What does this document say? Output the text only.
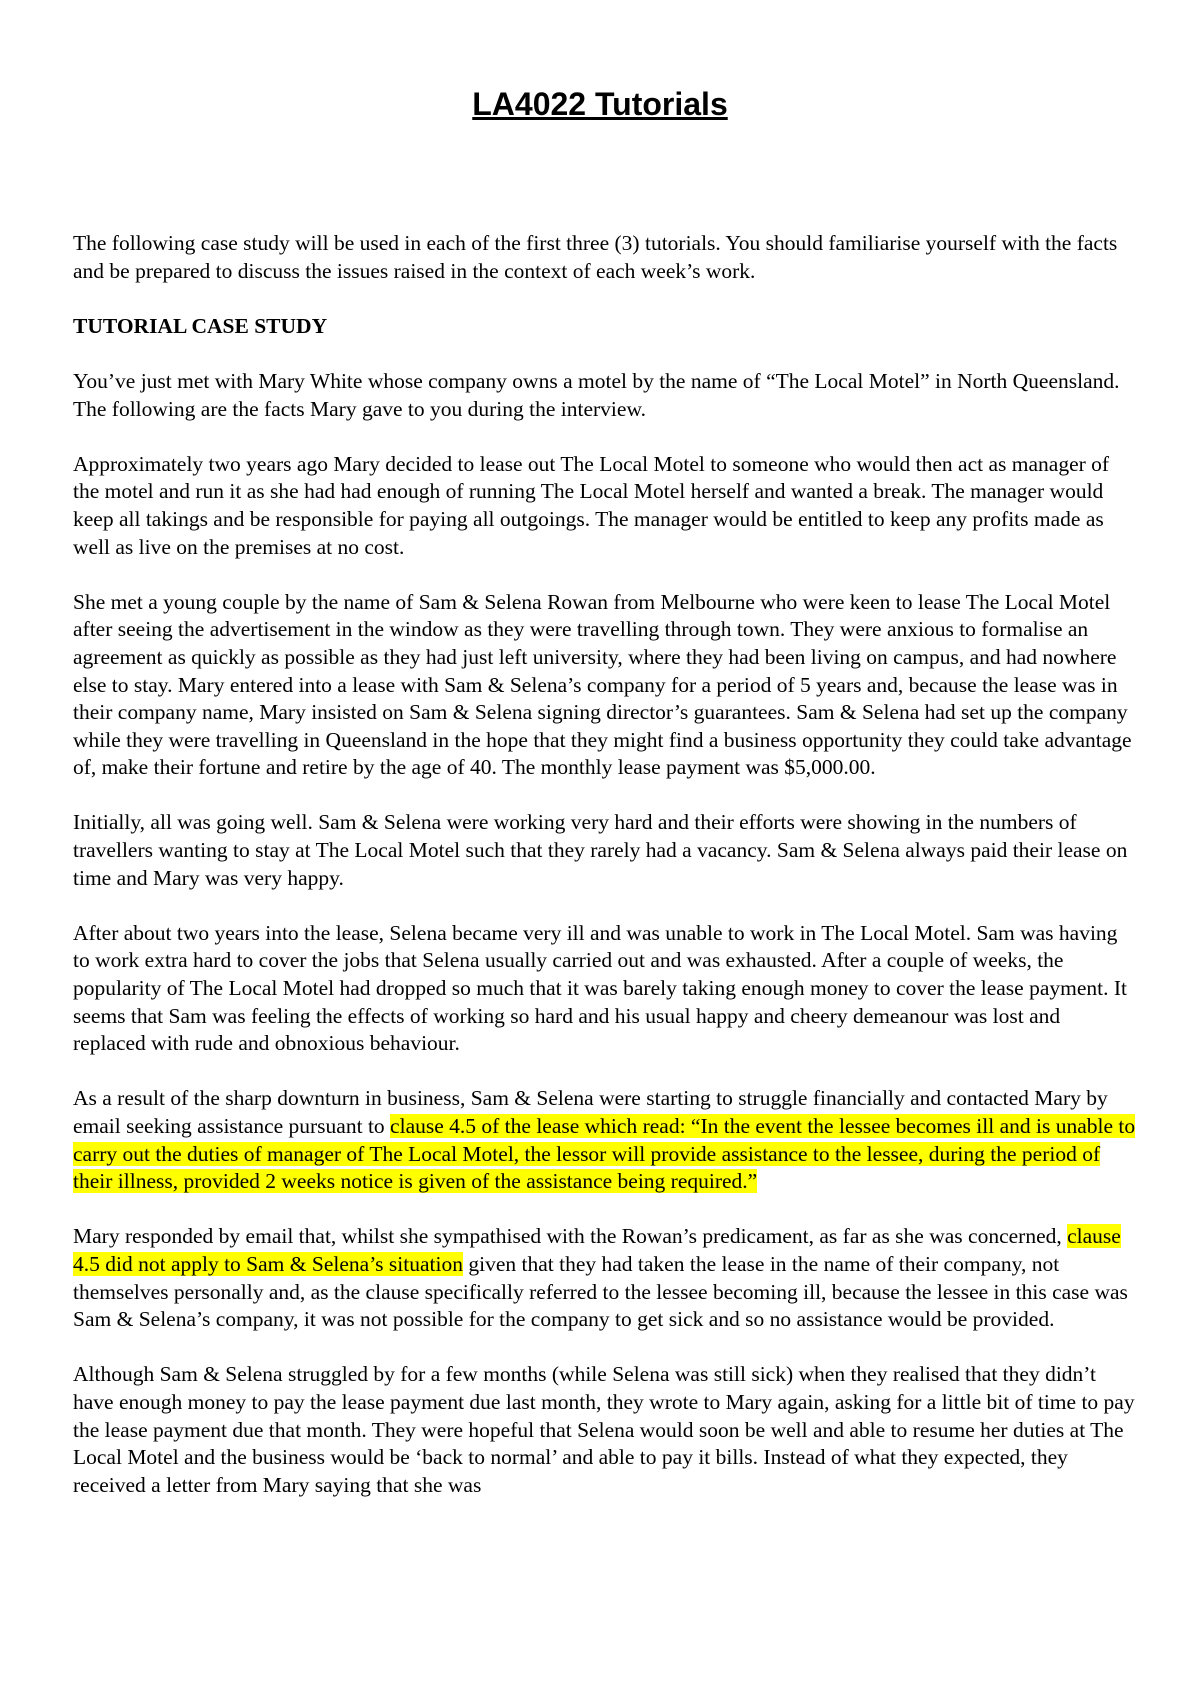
LA4022 Tutorials

The following case study will be used in each of the first three (3) tutorials. You should familiarise yourself with the facts and be prepared to discuss the issues raised in the context of each week’s work.

TUTORIAL CASE STUDY

You’ve just met with Mary White whose company owns a motel by the name of “The Local Motel” in North Queensland. The following are the facts Mary gave to you during the interview.

Approximately two years ago Mary decided to lease out The Local Motel to someone who would then act as manager of the motel and run it as she had had enough of running The Local Motel herself and wanted a break. The manager would keep all takings and be responsible for paying all outgoings. The manager would be entitled to keep any profits made as well as live on the premises at no cost.

She met a young couple by the name of Sam & Selena Rowan from Melbourne who were keen to lease The Local Motel after seeing the advertisement in the window as they were travelling through town. They were anxious to formalise an agreement as quickly as possible as they had just left university, where they had been living on campus, and had nowhere else to stay. Mary entered into a lease with Sam & Selena’s company for a period of 5 years and, because the lease was in their company name, Mary insisted on Sam & Selena signing director’s guarantees. Sam & Selena had set up the company while they were travelling in Queensland in the hope that they might find a business opportunity they could take advantage of, make their fortune and retire by the age of 40. The monthly lease payment was $5,000.00.

Initially, all was going well. Sam & Selena were working very hard and their efforts were showing in the numbers of travellers wanting to stay at The Local Motel such that they rarely had a vacancy. Sam & Selena always paid their lease on time and Mary was very happy.

After about two years into the lease, Selena became very ill and was unable to work in The Local Motel. Sam was having to work extra hard to cover the jobs that Selena usually carried out and was exhausted. After a couple of weeks, the popularity of The Local Motel had dropped so much that it was barely taking enough money to cover the lease payment. It seems that Sam was feeling the effects of working so hard and his usual happy and cheery demeanour was lost and replaced with rude and obnoxious behaviour.

As a result of the sharp downturn in business, Sam & Selena were starting to struggle financially and contacted Mary by email seeking assistance pursuant to clause 4.5 of the lease which read: “In the event the lessee becomes ill and is unable to carry out the duties of manager of The Local Motel, the lessor will provide assistance to the lessee, during the period of their illness, provided 2 weeks notice is given of the assistance being required.”

Mary responded by email that, whilst she sympathised with the Rowan’s predicament, as far as she was concerned, clause 4.5 did not apply to Sam & Selena’s situation given that they had taken the lease in the name of their company, not themselves personally and, as the clause specifically referred to the lessee becoming ill, because the lessee in this case was Sam & Selena’s company, it was not possible for the company to get sick and so no assistance would be provided.

Although Sam & Selena struggled by for a few months (while Selena was still sick) when they realised that they didn’t have enough money to pay the lease payment due last month, they wrote to Mary again, asking for a little bit of time to pay the lease payment due that month. They were hopeful that Selena would soon be well and able to resume her duties at The Local Motel and the business would be ‘back to normal’ and able to pay it bills. Instead of what they expected, they received a letter from Mary saying that she was
